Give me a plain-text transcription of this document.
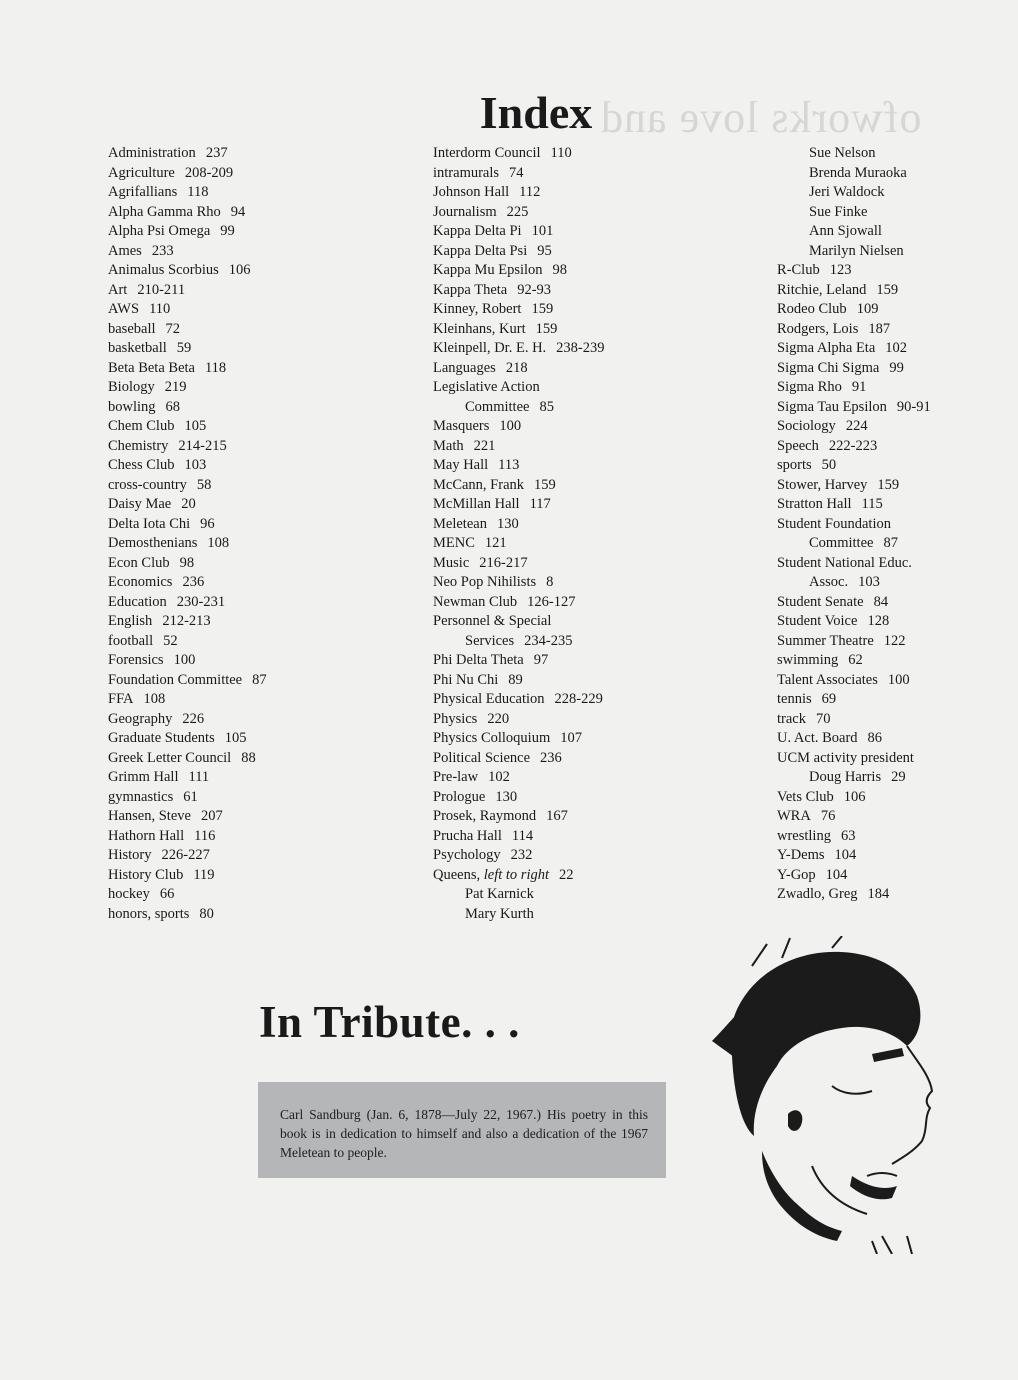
ofworks love and
Index
Administration 237
Agriculture 208-209
Agrifallians 118
Alpha Gamma Rho 94
Alpha Psi Omega 99
Ames 233
Animalus Scorbius 106
Art 210-211
AWS 110
baseball 72
basketball 59
Beta Beta Beta 118
Biology 219
bowling 68
Chem Club 105
Chemistry 214-215
Chess Club 103
cross-country 58
Daisy Mae 20
Delta Iota Chi 96
Demosthenians 108
Econ Club 98
Economics 236
Education 230-231
English 212-213
football 52
Forensics 100
Foundation Committee 87
FFA 108
Geography 226
Graduate Students 105
Greek Letter Council 88
Grimm Hall 111
gymnastics 61
Hansen, Steve 207
Hathorn Hall 116
History 226-227
History Club 119
hockey 66
honors, sports 80
Interdorm Council 110
intramurals 74
Johnson Hall 112
Journalism 225
Kappa Delta Pi 101
Kappa Delta Psi 95
Kappa Mu Epsilon 98
Kappa Theta 92-93
Kinney, Robert 159
Kleinhans, Kurt 159
Kleinpell, Dr. E. H. 238-239
Languages 218
Legislative Action
Committee 85
Masquers 100
Math 221
May Hall 113
McCann, Frank 159
McMillan Hall 117
Meletean 130
MENC 121
Music 216-217
Neo Pop Nihilists 8
Newman Club 126-127
Personnel & Special
Services 234-235
Phi Delta Theta 97
Phi Nu Chi 89
Physical Education 228-229
Physics 220
Physics Colloquium 107
Political Science 236
Pre-law 102
Prologue 130
Prosek, Raymond 167
Prucha Hall 114
Psychology 232
Queens, left to right 22
Pat Karnick
Mary Kurth
Sue Nelson
Brenda Muraoka
Jeri Waldock
Sue Finke
Ann Sjowall
Marilyn Nielsen
R-Club 123
Ritchie, Leland 159
Rodeo Club 109
Rodgers, Lois 187
Sigma Alpha Eta 102
Sigma Chi Sigma 99
Sigma Rho 91
Sigma Tau Epsilon 90-91
Sociology 224
Speech 222-223
sports 50
Stower, Harvey 159
Stratton Hall 115
Student Foundation
Committee 87
Student National Educ.
Assoc. 103
Student Senate 84
Student Voice 128
Summer Theatre 122
swimming 62
Talent Associates 100
tennis 69
track 70
U. Act. Board 86
UCM activity president
Doug Harris 29
Vets Club 106
WRA 76
wrestling 63
Y-Dems 104
Y-Gop 104
Zwadlo, Greg 184
In Tribute. . .
Carl Sandburg (Jan. 6, 1878—July 22, 1967.) His poetry in this book is in dedication to himself and also a dedication of the 1967 Meletean to people.
